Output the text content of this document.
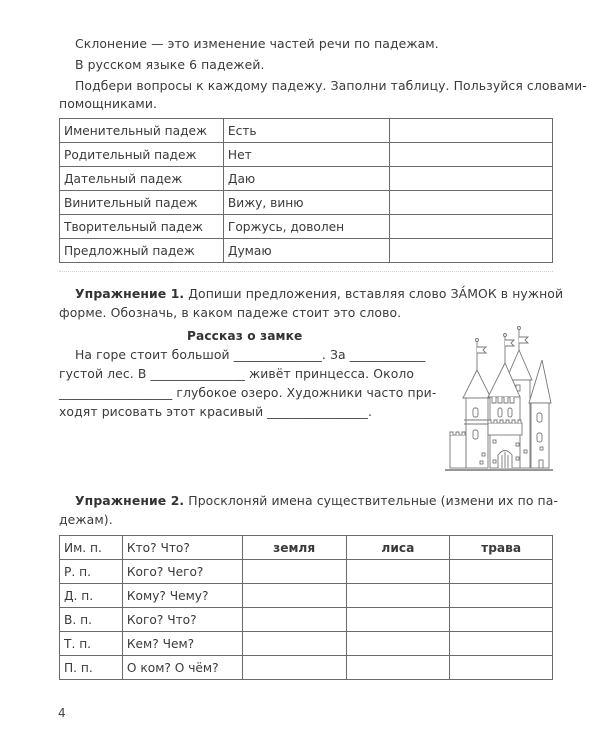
Склонение — это изменение частей речи по падежам.
В русском языке 6 падежей.
Подбери вопросы к каждому падежу. Заполни таблицу. Пользуйся словами-
помощниками.
Именительный падеж	Есть	
Родительный падеж	Нет	
Дательный падеж	Даю	
Винительный падеж	Вижу, виню	
Творительный падеж	Горжусь, доволен	
Предложный падеж	Думаю	
Упражнение 1. Допиши предложения, вставляя слово ЗА́МОК в нужной
форме. Обозначь, в каком падеже стоит это слово.
Рассказ о замке
На горе стоит большой ______________. За ____________
густой лес. В _______________ живёт принцесса. Около
__________________ глубокое озеро. Художники часто при-
ходят рисовать этот красивый ________________.
Упражнение 2. Просклоняй имена существительные (измени их по па-
дежам).
Им. п.	Кто? Что?	земля	лиса	трава
Р. п.	Кого? Чего?			
Д. п.	Кому? Чему?			
В. п.	Кого? Что?			
Т. п.	Кем? Чем?			
П. п.	О ком? О чём?			
4
